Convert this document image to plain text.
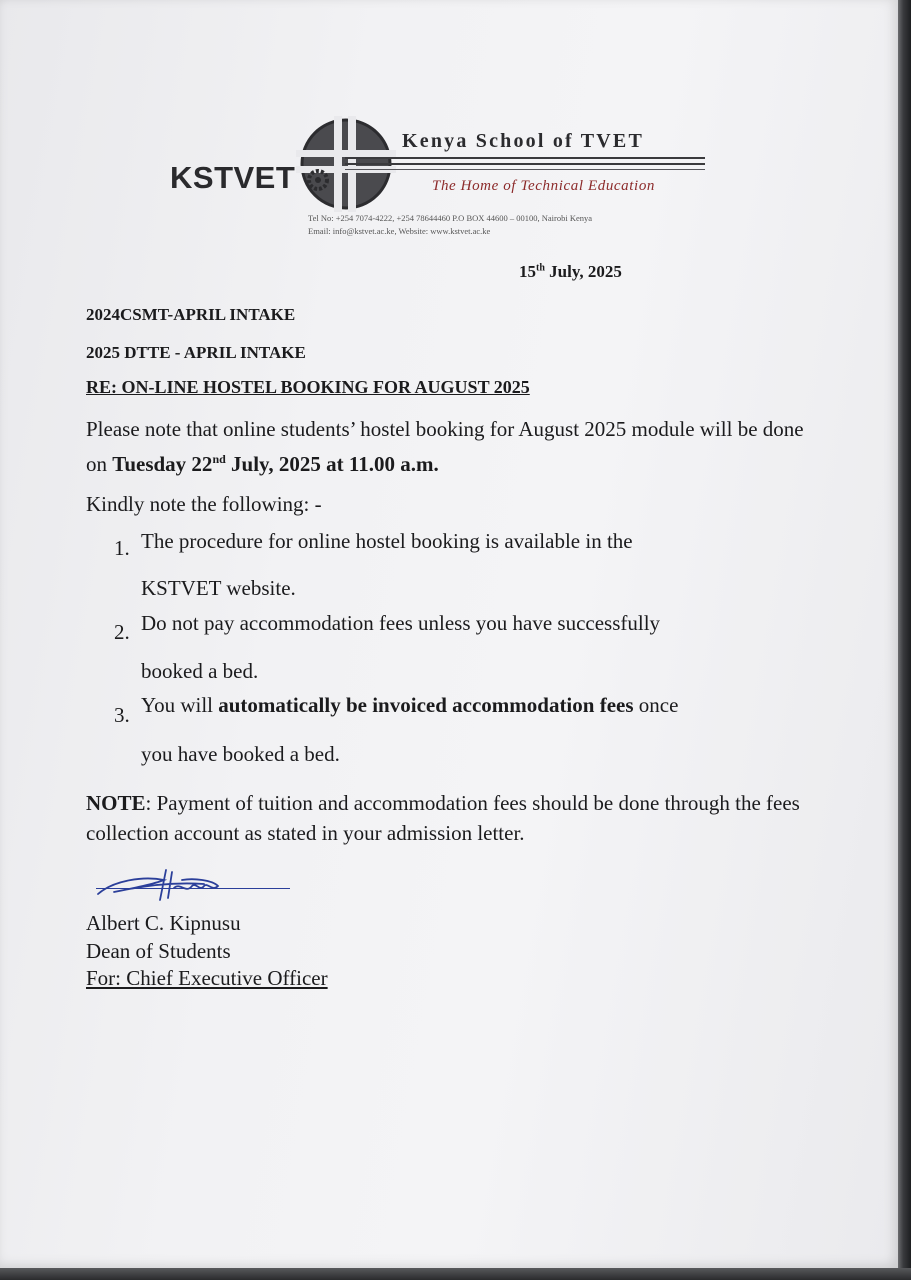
KSTVET
Kenya School of TVET
The Home of Technical Education
Tel No: +254 7074-4222, +254 78644460 P.O BOX 44600 – 00100, Nairobi Kenya
Email: info@kstvet.ac.ke, Website: www.kstvet.ac.ke
15th July, 2025
2024CSMT-APRIL INTAKE
2025 DTTE - APRIL INTAKE
RE: ON-LINE HOSTEL BOOKING FOR AUGUST 2025
Please note that online students’ hostel booking for August 2025 module will be done on Tuesday 22nd July, 2025 at 11.00 a.m.
Kindly note the following: -
1. The procedure for online hostel booking is available in the
KSTVET website.
2. Do not pay accommodation fees unless you have successfully
booked a bed.
3. You will automatically be invoiced accommodation fees once
you have booked a bed.
NOTE: Payment of tuition and accommodation fees should be done through the fees collection account as stated in your admission letter.
Albert C. Kipnusu
Dean of Students
For: Chief Executive Officer
